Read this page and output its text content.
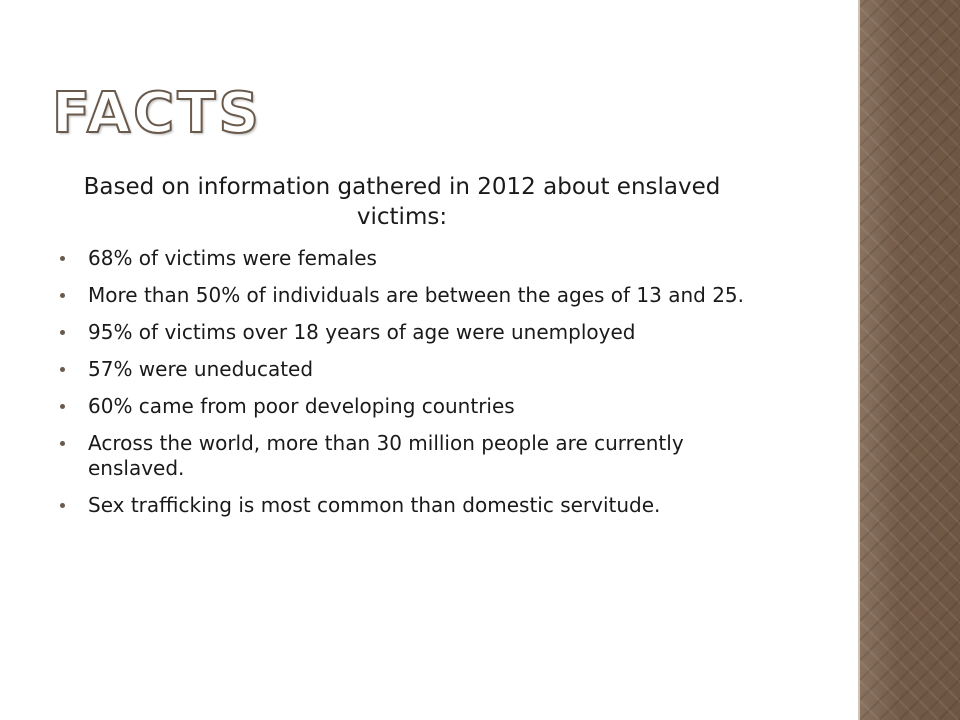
FACTS

Based on information gathered in 2012 about enslaved victims:

68% of victims were females
More than 50% of individuals are between the ages of 13 and 25.
95% of victims over 18 years of age were unemployed
57% were uneducated
60% came from poor developing countries
Across the world, more than 30 million people are currently enslaved.
Sex trafficking is most common than domestic servitude.
